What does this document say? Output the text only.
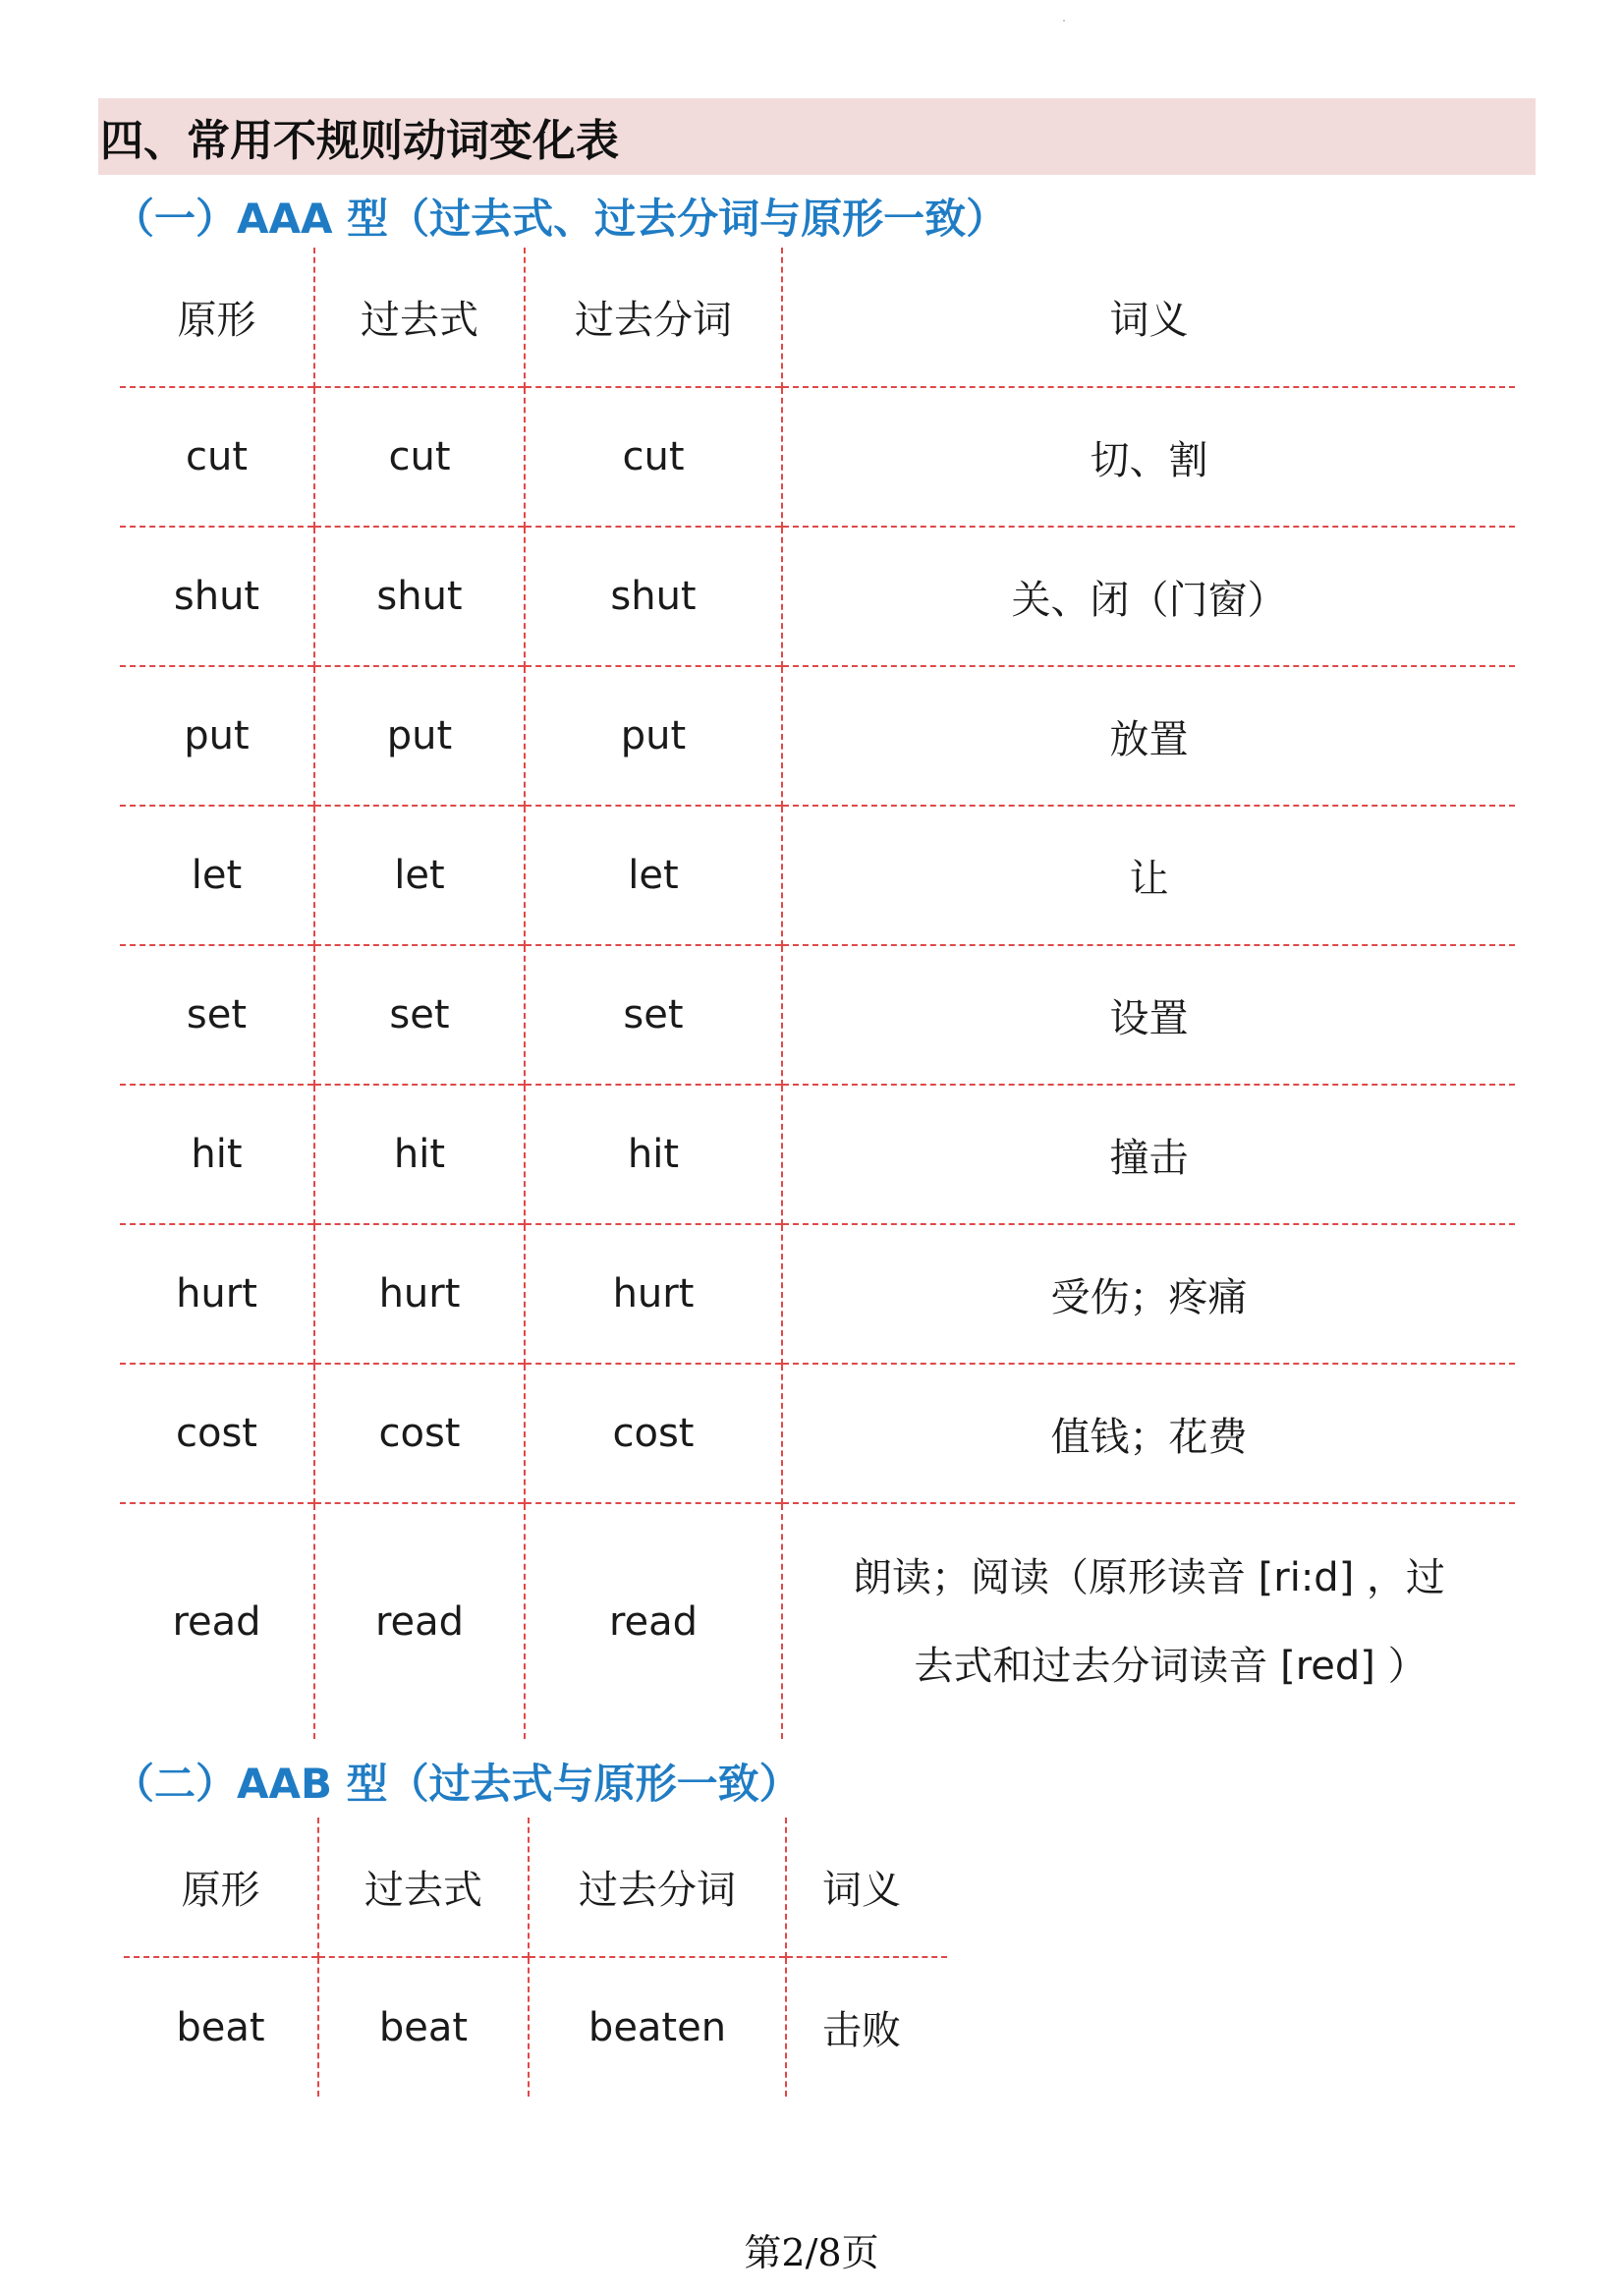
四、常用不规则动词变化表
（一）AAA 型（过去式、过去分词与原形一致）
原形	过去式	过去分词	词义
cut	cut	cut	切、割
shut	shut	shut	关、闭（门窗）
put	put	put	放置
let	let	let	让
set	set	set	设置
hit	hit	hit	撞击
hurt	hurt	hurt	受伤；疼痛
cost	cost	cost	值钱；花费
read	read	read	朗读；阅读（原形读音 [ri:d] ，过
去式和过去分词读音 [red] ）
（二）AAB 型（过去式与原形一致）
原形	过去式	过去分词	词义
beat	beat	beaten	击败
第2/8页
